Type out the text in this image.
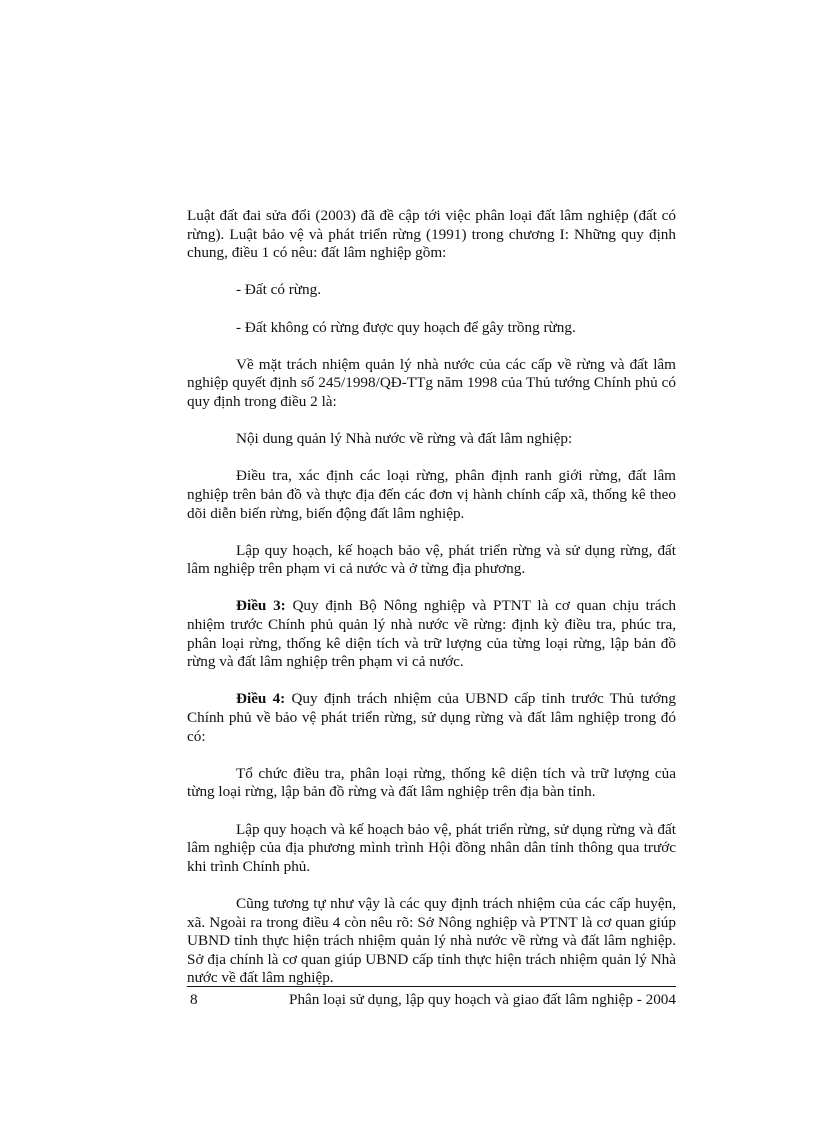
Luật đất đai sửa đổi (2003) đã đề cập tới việc phân loại đất lâm nghiệp (đất có rừng). Luật bảo vệ và phát triển rừng (1991) trong chương I: Những quy định chung, điều 1 có nêu: đất lâm nghiệp gồm:

- Đất có rừng.

- Đất không có rừng được quy hoạch để gây trồng rừng.

Về mặt trách nhiệm quản lý nhà nước của các cấp về rừng và đất lâm nghiệp quyết định số 245/1998/QĐ-TTg năm 1998 của Thủ tướng Chính phủ có quy định trong điều 2 là:

Nội dung quản lý Nhà nước về rừng và đất lâm nghiệp:

Điều tra, xác định các loại rừng, phân định ranh giới rừng, đất lâm nghiệp trên bản đồ và thực địa đến các đơn vị hành chính cấp xã, thống kê theo dõi diễn biến rừng, biến động đất lâm nghiệp.

Lập quy hoạch, kế hoạch bảo vệ, phát triển rừng và sử dụng rừng, đất lâm nghiệp trên phạm vi cả nước và ở từng địa phương.

Điều 3: Quy định Bộ Nông nghiệp và PTNT là cơ quan chịu trách nhiệm trước Chính phủ quản lý nhà nước về rừng: định kỳ điều tra, phúc tra, phân loại rừng, thống kê diện tích và trữ lượng của từng loại rừng, lập bản đồ rừng và đất lâm nghiệp trên phạm vi cả nước.

Điều 4: Quy định trách nhiệm của UBND cấp tỉnh trước Thủ tướng Chính phủ về bảo vệ phát triển rừng, sử dụng rừng và đất lâm nghiệp trong đó có:

Tổ chức điều tra, phân loại rừng, thống kê diện tích và trữ lượng của từng loại rừng, lập bản đồ rừng và đất lâm nghiệp trên địa bàn tỉnh.

Lập quy hoạch và kế hoạch bảo vệ, phát triển rừng, sử dụng rừng và đất lâm nghiệp của địa phương mình trình Hội đồng nhân dân tỉnh thông qua trước khi trình Chính phủ.

Cũng tương tự như vậy là các quy định trách nhiệm của các cấp huyện, xã. Ngoài ra trong điều 4 còn nêu rõ: Sở Nông nghiệp và PTNT là cơ quan giúp UBND tỉnh thực hiện trách nhiệm quản lý nhà nước về rừng và đất lâm nghiệp. Sở địa chính là cơ quan giúp UBND cấp tỉnh thực hiện trách nhiệm quản lý Nhà nước về đất lâm nghiệp.

8	Phân loại sử dụng, lập quy hoạch và giao đất lâm nghiệp - 2004
